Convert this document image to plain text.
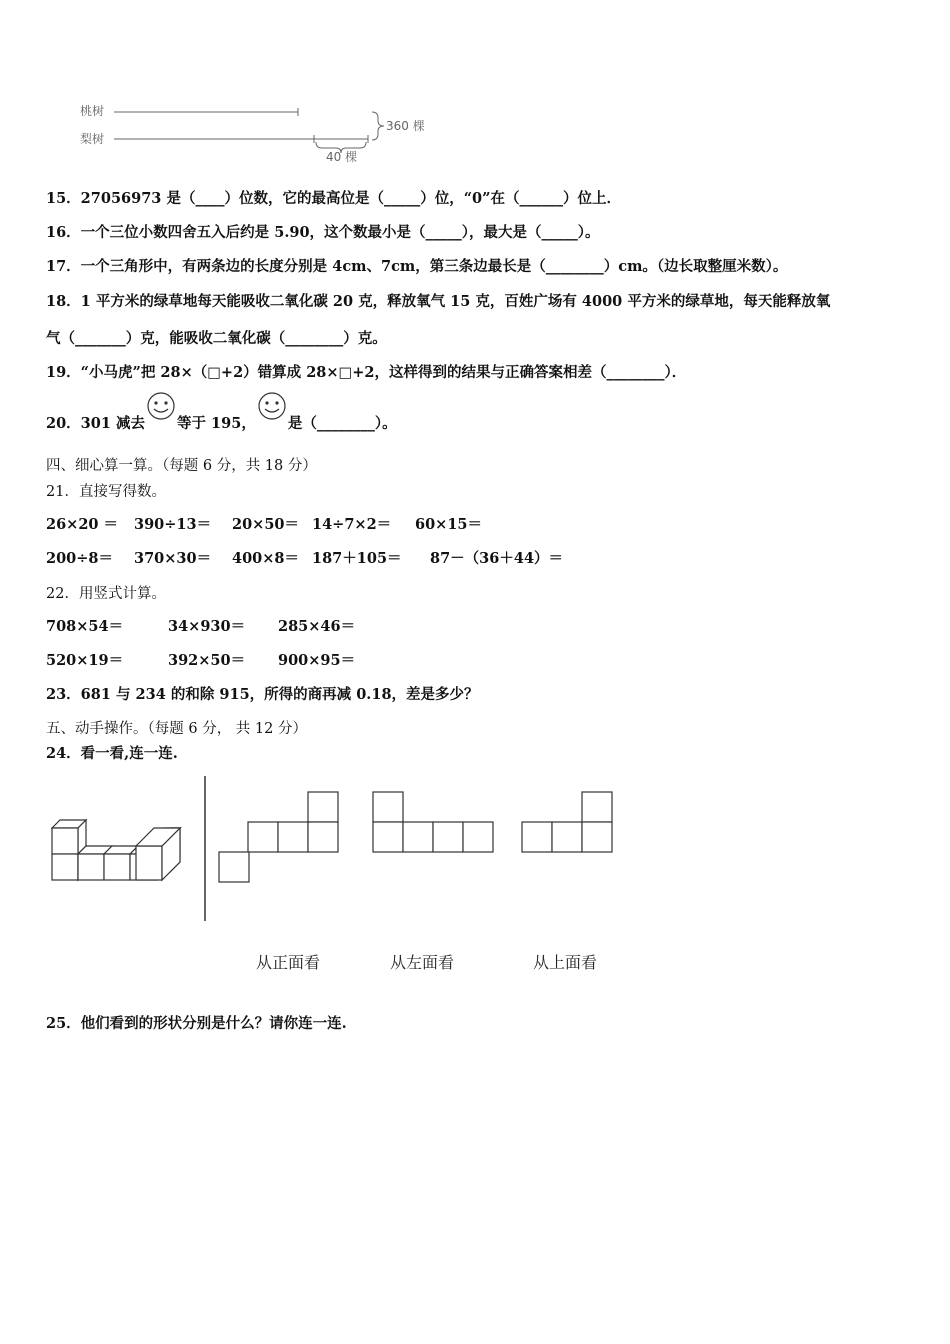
桃树
梨树
360 棵
40 棵
15．27056973 是（____）位数，它的最高位是（_____）位，“0”在（______）位上．
16．一个三位小数四舍五入后约是 5.90，这个数最小是（_____），最大是（_____）。
17．一个三角形中，有两条边的长度分别是 4cm、7cm，第三条边最长是（________）cm。（边长取整厘米数）。
18．1 平方米的绿草地每天能吸收二氧化碳 20 克，释放氧气 15 克，百姓广场有 4000 平方米的绿草地，每天能释放氧
气（_______）克，能吸收二氧化碳（________）克。
19．“小马虎”把 28×（□+2）错算成 28×□+2，这样得到的结果与正确答案相差（________）．
20．301 减去 等于 195， 是（________）。
四、细心算一算。（每题 6 分，共 18 分）
21．直接写得数。
26×20 ＝ 390÷13＝ 20×50＝ 14÷7×2＝ 60×15＝
200÷8＝ 370×30＝ 400×8＝ 187＋105＝ 87－（36＋44）＝
22．用竖式计算。
708×54＝	34×930＝ 285×46＝
520×19＝	392×50＝ 900×95＝
23．681 与 234 的和除 915，所得的商再减 0.18，差是多少？
五、动手操作。（每题 6 分， 共 12 分）
24．看一看,连一连.
从正面看	从左面看	从上面看
25．他们看到的形状分别是什么？请你连一连.
